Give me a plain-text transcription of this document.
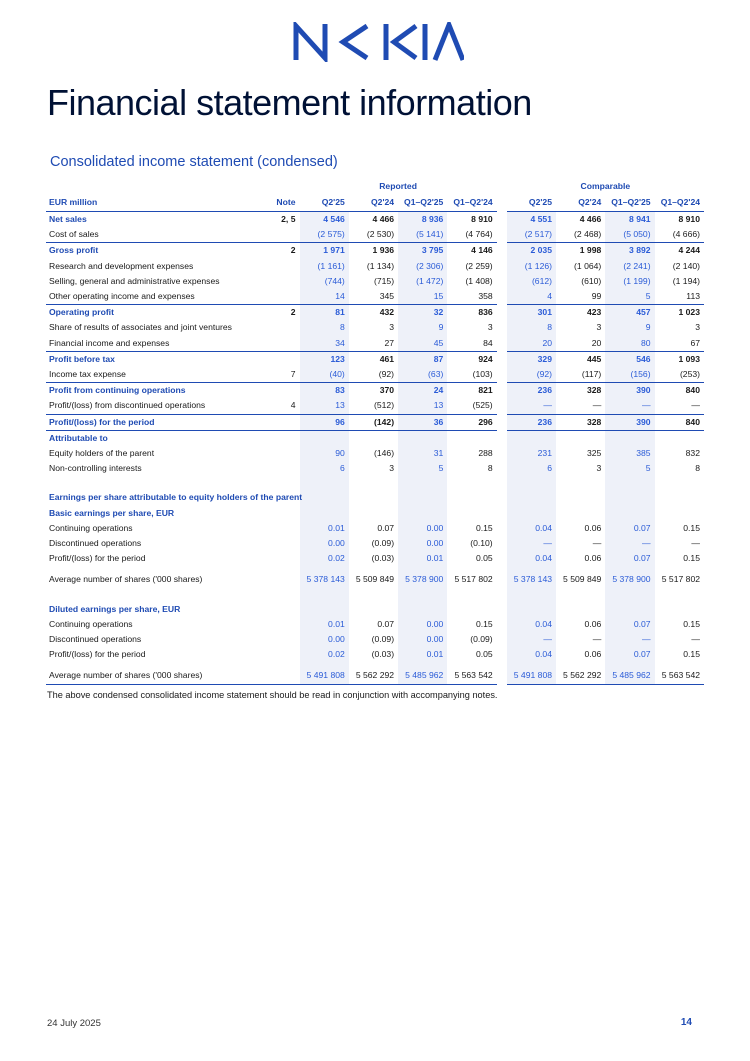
Financial statement information
Consolidated income statement (condensed)
		Reported					Comparable			
EUR million	Note	Q2'25	Q2'24	Q1–Q2'25	Q1–Q2'24		Q2'25	Q2'24	Q1–Q2'25	Q1–Q2'24
Net sales	2, 5	4 546	4 466	8 936	8 910		4 551	4 466	8 941	8 910
Cost of sales		(2 575)	(2 530)	(5 141)	(4 764)		(2 517)	(2 468)	(5 050)	(4 666)
Gross profit	2	1 971	1 936	3 795	4 146		2 035	1 998	3 892	4 244
Research and development expenses		(1 161)	(1 134)	(2 306)	(2 259)		(1 126)	(1 064)	(2 241)	(2 140)
Selling, general and administrative expenses		(744)	(715)	(1 472)	(1 408)		(612)	(610)	(1 199)	(1 194)
Other operating income and expenses		14	345	15	358		4	99	5	113
Operating profit	2	81	432	32	836		301	423	457	1 023
Share of results of associates and joint ventures		8	3	9	3		8	3	9	3
Financial income and expenses		34	27	45	84		20	20	80	67
Profit before tax		123	461	87	924		329	445	546	1 093
Income tax expense	7	(40)	(92)	(63)	(103)		(92)	(117)	(156)	(253)
Profit from continuing operations		83	370	24	821		236	328	390	840
Profit/(loss) from discontinued operations	4	13	(512)	13	(525)		—	—	—	—
Profit/(loss) for the period		96	(142)	36	296		236	328	390	840
Attributable to										
Equity holders of the parent		90	(146)	31	288		231	325	385	832
Non-controlling interests		6	3	5	8		6	3	5	8

Earnings per share attributable to equity holders of the parent										
Basic earnings per share, EUR										
Continuing operations		0.01	0.07	0.00	0.15		0.04	0.06	0.07	0.15
Discontinued operations		0.00	(0.09)	0.00	(0.10)		—	—	—	—
Profit/(loss) for the period		0.02	(0.03)	0.01	0.05		0.04	0.06	0.07	0.15

Average number of shares ('000 shares)		5 378 143	5 509 849	5 378 900	5 517 802		5 378 143	5 509 849	5 378 900	5 517 802

Diluted earnings per share, EUR										
Continuing operations		0.01	0.07	0.00	0.15		0.04	0.06	0.07	0.15
Discontinued operations		0.00	(0.09)	0.00	(0.09)		—	—	—	—
Profit/(loss) for the period		0.02	(0.03)	0.01	0.05		0.04	0.06	0.07	0.15

Average number of shares ('000 shares)		5 491 808	5 562 292	5 485 962	5 563 542		5 491 808	5 562 292	5 485 962	5 563 542
The above condensed consolidated income statement should be read in conjunction with accompanying notes.
24 July 2025	14
